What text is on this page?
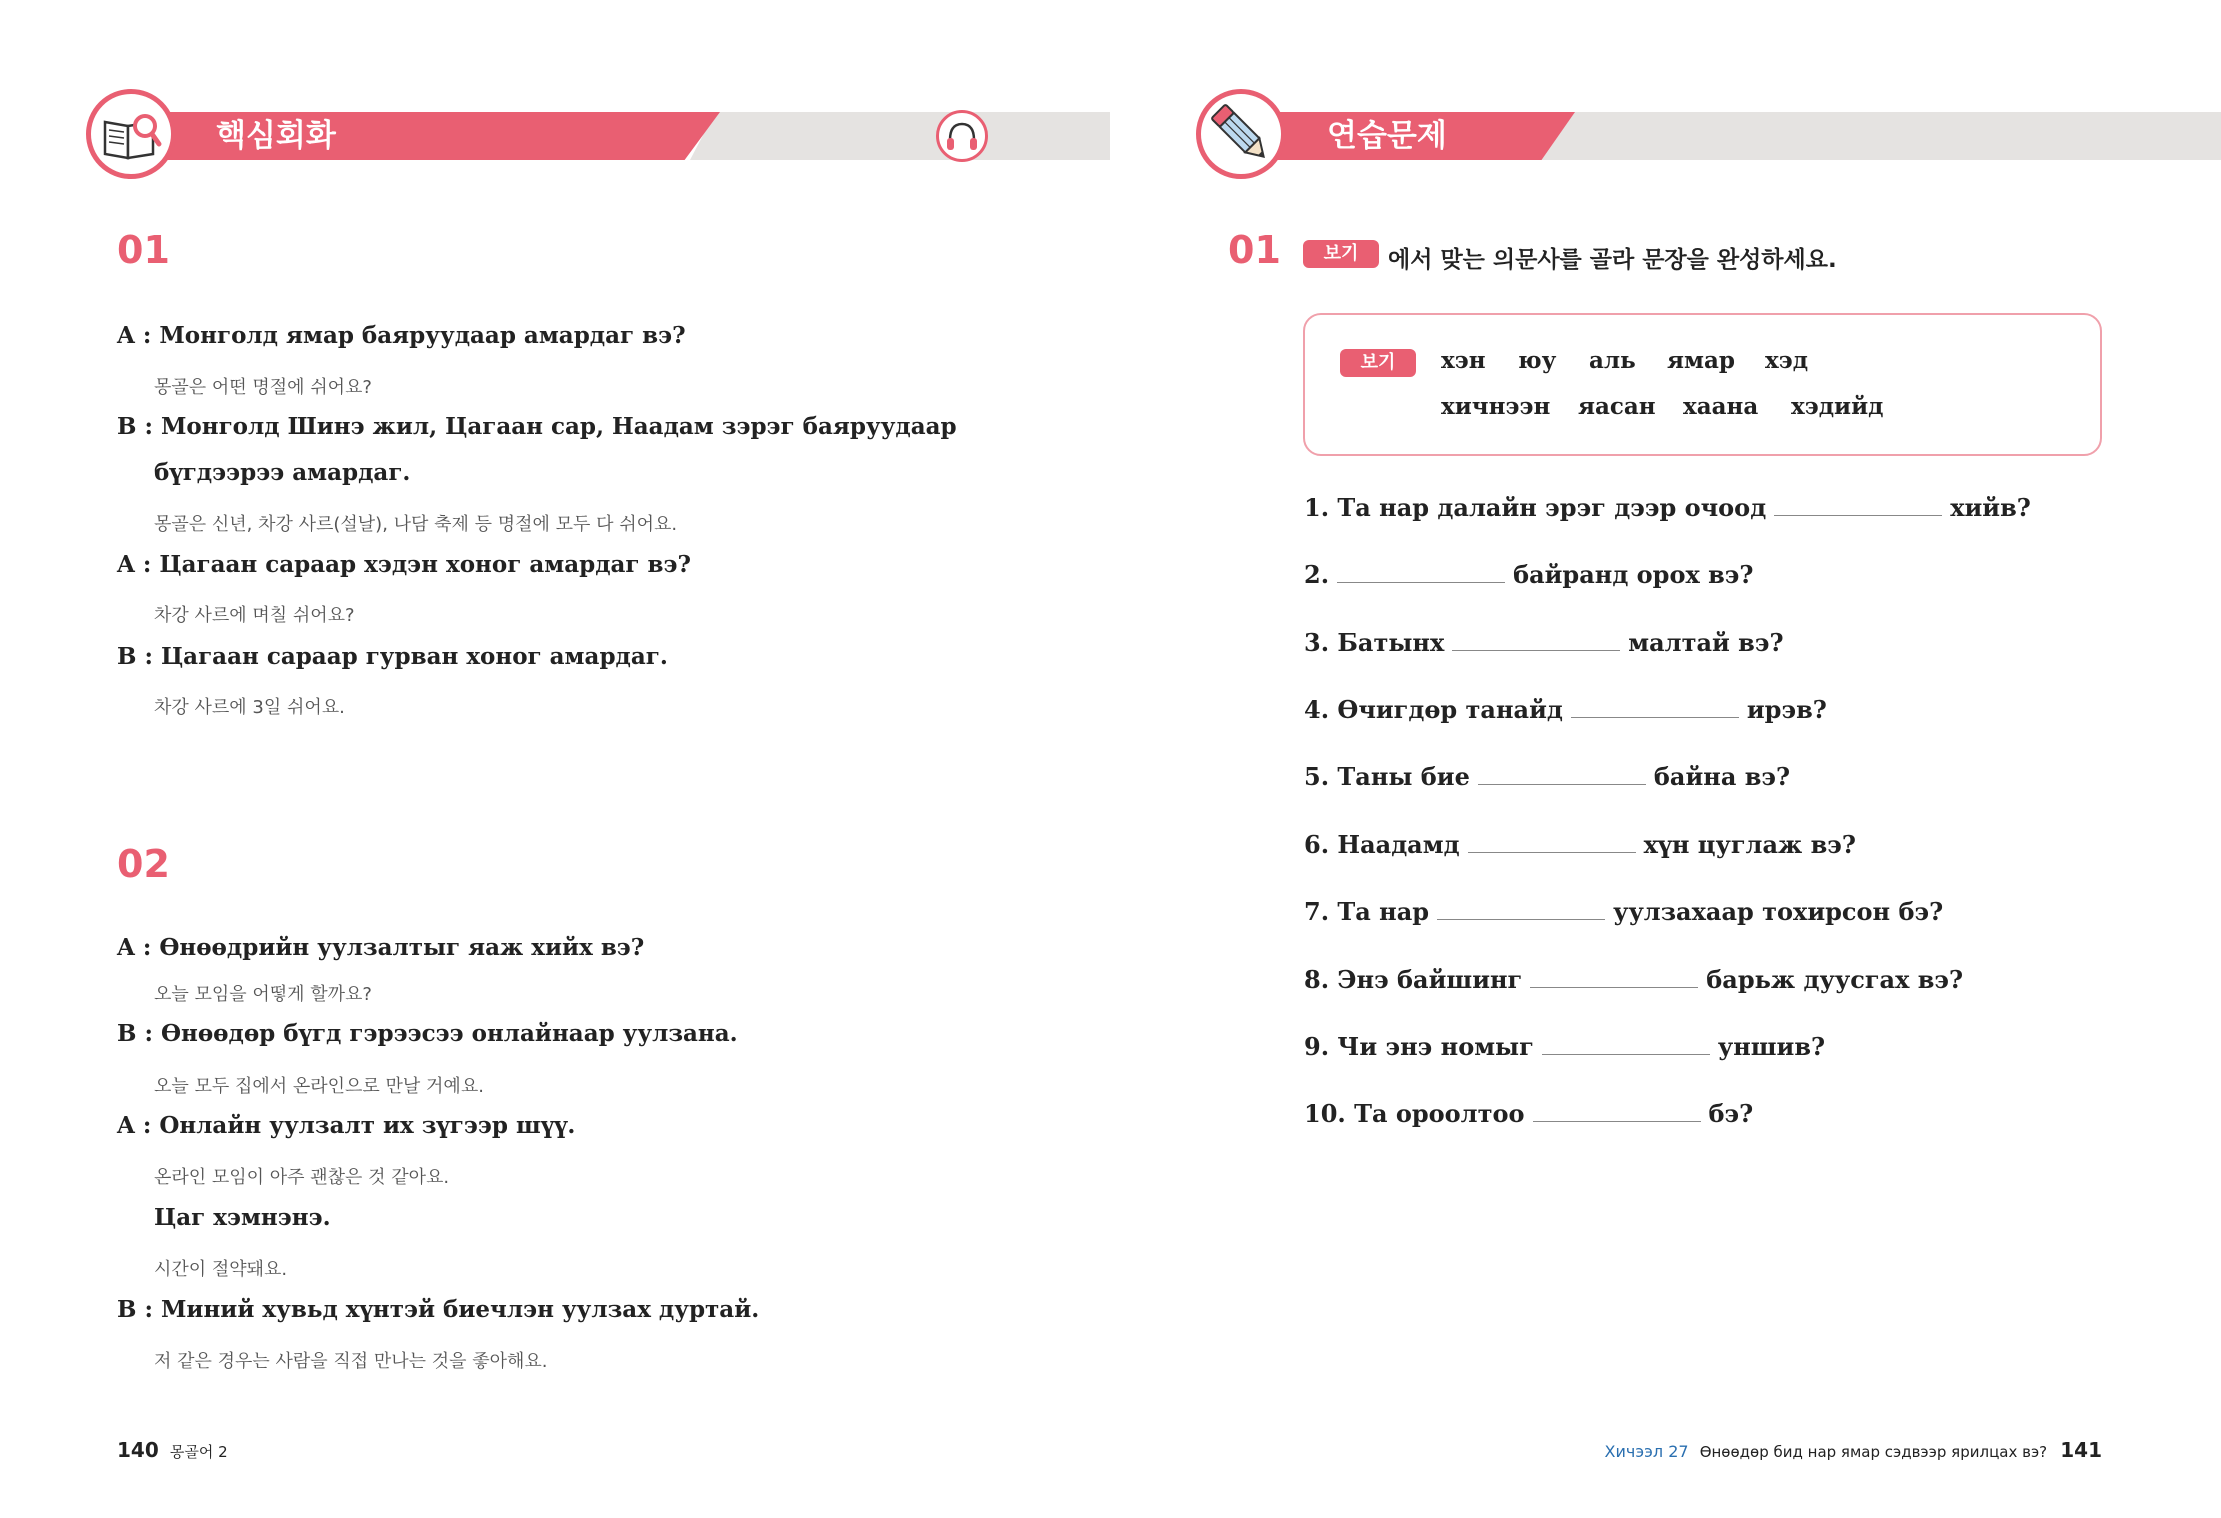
핵심회화
01
A : Монголд ямар баяруудаар амардаг вэ?
몽골은 어떤 명절에 쉬어요?
B : Монголд Шинэ жил, Цагаан сар, Наадам зэрэг баяруудаар
бүгдээрээ амардаг.
몽골은 신년, 차강 사르(설날), 나담 축제 등 명절에 모두 다 쉬어요.
A : Цагаан сараар хэдэн хоног амардаг вэ?
차강 사르에 며칠 쉬어요?
B : Цагаан сараар гурван хоног амардаг.
차강 사르에 3일 쉬어요.
02
A : Өнөөдрийн уулзалтыг яаж хийх вэ?
오늘 모임을 어떻게 할까요?
B : Өнөөдөр бүгд гэрээсээ онлайнаар уулзана.
오늘 모두 집에서 온라인으로 만날 거예요.
A : Онлайн уулзалт их зүгээр шүү.
온라인 모임이 아주 괜찮은 것 같아요.
Цаг хэмнэнэ.
시간이 절약돼요.
B : Миний хувьд хүнтэй биечлэн уулзах дуртай.
저 같은 경우는 사람을 직접 만나는 것을 좋아해요.
140 몽골어 2
연습문제
01	보기	에서 맞는 의문사를 골라 문장을 완성하세요.
보기	хэн юу аль ямар хэд
хичнээн яасан хаана хэдийд
1. Та нар далайн эрэг дээр очоод	хийв?
2.	байранд орох вэ?
3. Батынх	малтай вэ?
4. Өчигдөр танайд	ирэв?
5. Таны бие	байна вэ?
6. Наадамд	хүн цуглаж вэ?
7. Та нар	уулзахаар тохирсон бэ?
8. Энэ байшинг	барьж дуусгах вэ?
9. Чи энэ номыг	уншив?
10. Та ороолтоо	бэ?
Хичээл 27 Өнөөдөр бид нар ямар сэдвээр ярилцах вэ? 141
